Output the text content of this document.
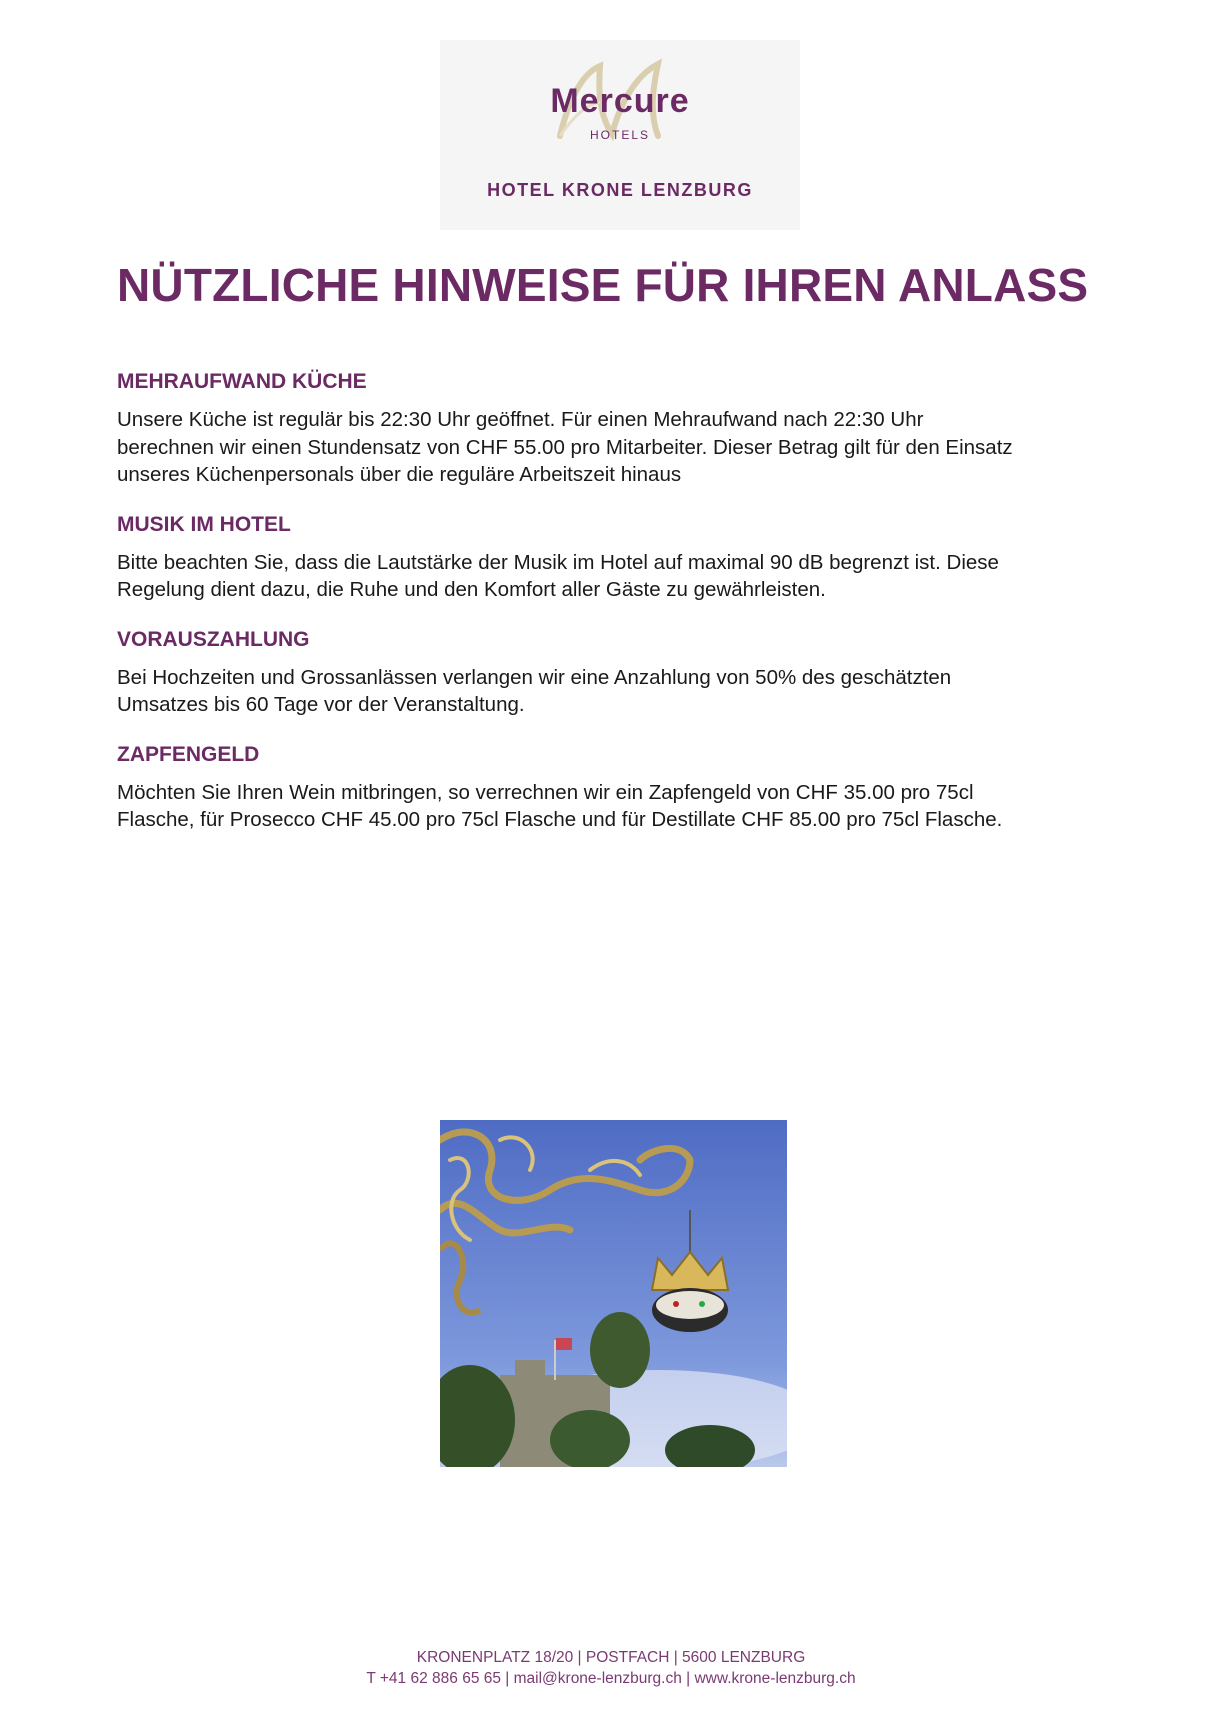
Mercure
HOTELS
HOTEL KRONE LENZBURG
NÜTZLICHE HINWEISE FÜR IHREN ANLASS
MEHRAUFWAND KÜCHE

Unsere Küche ist regulär bis 22:30 Uhr geöffnet. Für einen Mehraufwand nach 22:30 Uhr
berechnen wir einen Stundensatz von CHF 55.00 pro Mitarbeiter. Dieser Betrag gilt für den Einsatz
unseres Küchenpersonals über die reguläre Arbeitszeit hinaus

MUSIK IM HOTEL

Bitte beachten Sie, dass die Lautstärke der Musik im Hotel auf maximal 90 dB begrenzt ist. Diese
Regelung dient dazu, die Ruhe und den Komfort aller Gäste zu gewährleisten.

VORAUSZAHLUNG

Bei Hochzeiten und Grossanlässen verlangen wir eine Anzahlung von 50% des geschätzten
Umsatzes bis 60 Tage vor der Veranstaltung.

ZAPFENGELD

Möchten Sie Ihren Wein mitbringen, so verrechnen wir ein Zapfengeld von CHF 35.00 pro 75cl
Flasche, für Prosecco CHF 45.00 pro 75cl Flasche und für Destillate CHF 85.00 pro 75cl Flasche.

KRONENPLATZ 18/20 | POSTFACH | 5600 LENZBURG
T +41 62 886 65 65 | mail@krone-lenzburg.ch | www.krone-lenzburg.ch
